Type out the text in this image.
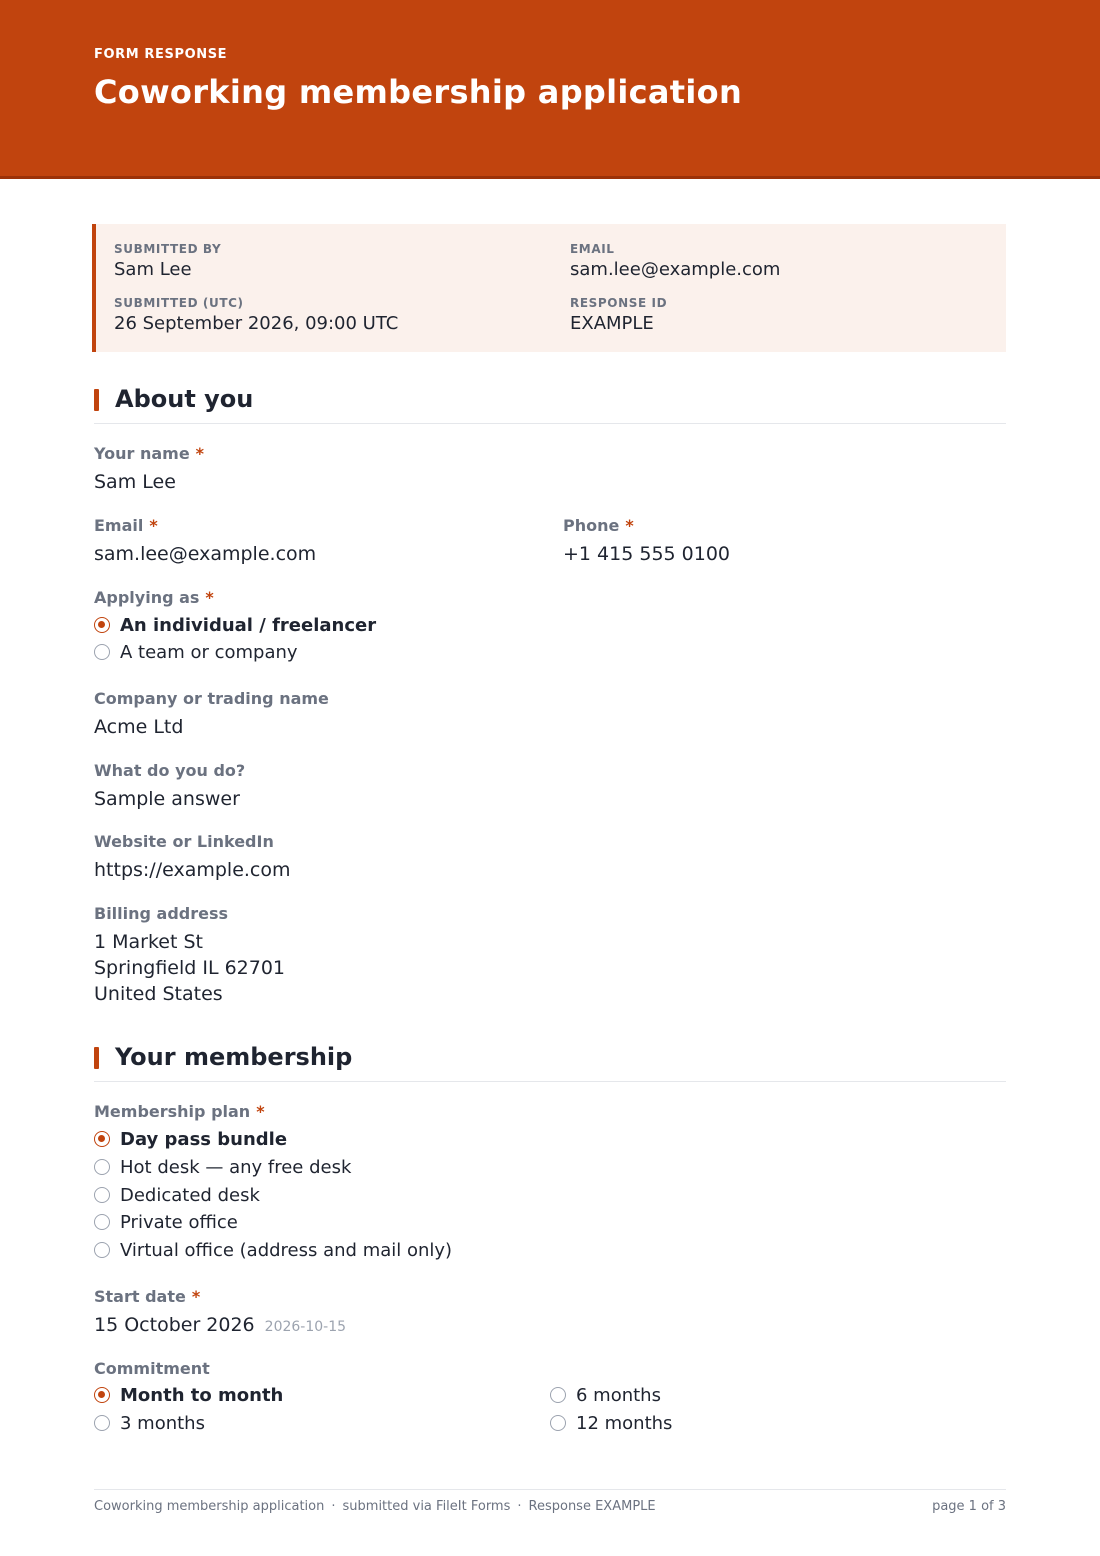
FORM RESPONSE
Coworking membership application
SUBMITTED BY
Sam Lee
EMAIL
sam.lee@example.com
SUBMITTED (UTC)
26 September 2026, 09:00 UTC
RESPONSE ID
EXAMPLE
About you
Your name *
Sam Lee
Email *
sam.lee@example.com
Phone *
+1 415 555 0100
Applying as *
An individual / freelancer
A team or company
Company or trading name
Acme Ltd
What do you do?
Sample answer
Website or LinkedIn
https://example.com
Billing address
1 Market St
Springfield IL 62701
United States
Your membership
Membership plan *
Day pass bundle
Hot desk — any free desk
Dedicated desk
Private office
Virtual office (address and mail only)
Start date *
15 October 2026 2026-10-15
Commitment
Month to month
3 months
6 months
12 months
Coworking membership application · submitted via FileIt Forms · Response EXAMPLE	page 1 of 3
